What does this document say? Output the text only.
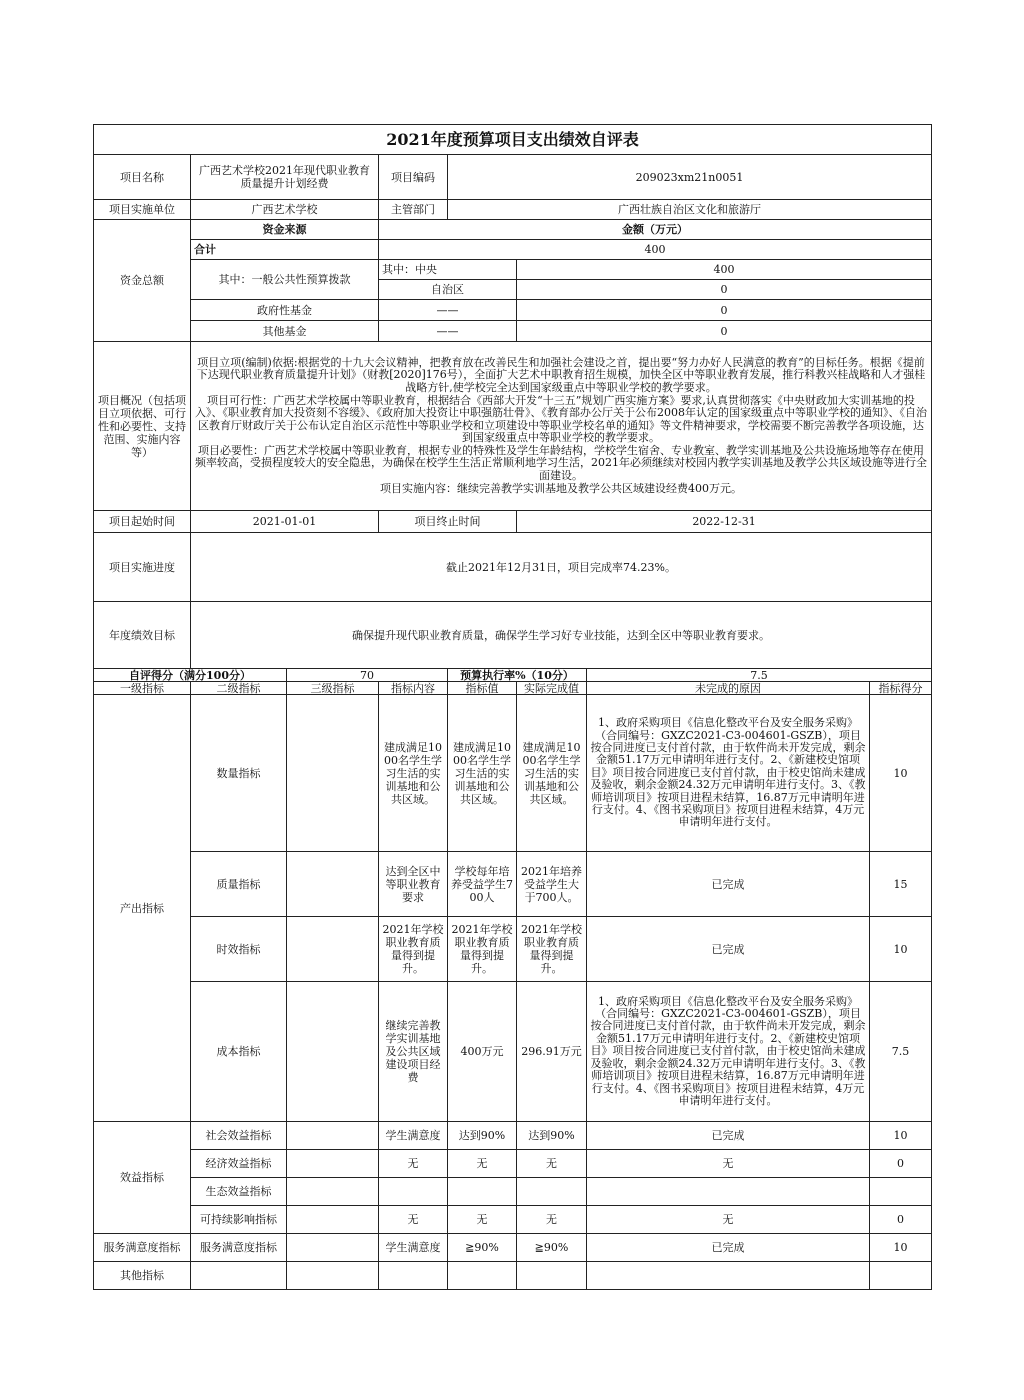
2021年度预算项目支出绩效自评表							
项目名称	广西艺术学校2021年现代职业教育质量提升计划经费		项目编码	209023xm21n0051			
项目实施单位	广西艺术学校		主管部门	广西壮族自治区文化和旅游厅			
资金总额	资金来源		金额（万元）				
	合计		400				
	其中：一般公共性预算拨款		其中：中央		400		
			自治区		0		
	政府性基金		——		0		
	其他基金		——		0		
项目概况（包括项目立项依据、可行性和必要性、支持范围、实施内容等）	项目立项(编制)依据:根据党的十九大会议精神，把教育放在改善民生和加强社会建设之首，提出要“努力办好人民满意的教育”的目标任务。根据《提前下达现代职业教育质量提升计划》（财教[2020]176号），全面扩大艺术中职教育招生规模，加快全区中等职业教育发展，推行科教兴桂战略和人才强桂战略方针,使学校完全达到国家级重点中等职业学校的教学要求。

项目可行性：广西艺术学校属中等职业教育，根据结合《西部大开发“十三五”规划广西实施方案》要求,认真贯彻落实《中央财政加大实训基地的投入》、《职业教育加大投资刻不容缓》、《政府加大投资让中职强筋壮骨》、《教育部办公厅关于公布2008年认定的国家级重点中等职业学校的通知》、《自治区教育厅财政厅关于公布认定自治区示范性中等职业学校和立项建设中等职业学校名单的通知》等文件精神要求，学校需要不断完善教学各项设施，达到国家级重点中等职业学校的教学要求。

项目必要性：广西艺术学校属中等职业教育，根据专业的特殊性及学生年龄结构，学校学生宿舍、专业教室、教学实训基地及公共设施场地等存在使用频率较高，受损程度较大的安全隐患，为确保在校学生生活正常顺利地学习生活，2021年必须继续对校园内教学实训基地及教学公共区域设施等进行全面建设。

项目实施内容：继续完善教学实训基地及教学公共区域建设经费400万元。						

项目起始时间	2021-01-01		项目终止时间		2022-12-31		
项目实施进度	截止2021年12月31日，项目完成率74.23%。						
年度绩效目标	确保提升现代职业教育质量，确保学生学习好专业技能，达到全区中等职业教育要求。						
自评得分（满分100分）		70		预算执行率%（10分）		7.5	
一级指标	二级指标	三级指标	指标内容	指标值	实际完成值	未完成的原因	指标得分
产出指标	数量指标		建成满足1000名学生学习生活的实训基地和公共区域。	建成满足1000名学生学习生活的实训基地和公共区域。	建成满足1000名学生学习生活的实训基地和公共区域。	1、政府采购项目《信息化整改平台及安全服务采购》（合同编号：GXZC2021-C3-004601-GSZB），项目按合同进度已支付首付款，由于软件尚未开发完成，剩余金额51.17万元申请明年进行支付。2、《新建校史馆项目》项目按合同进度已支付首付款，由于校史馆尚未建成及验收，剩余金额24.32万元申请明年进行支付。3、《教师培训项目》按项目进程未结算，16.87万元申请明年进行支付。4、《图书采购项目》按项目进程未结算，4万元申请明年进行支付。	10
	质量指标		达到全区中等职业教育要求	学校每年培养受益学生700人	2021年培养受益学生大于700人。	已完成	15
	时效指标		2021年学校职业教育质量得到提升。	2021年学校职业教育质量得到提升。	2021年学校职业教育质量得到提升。	已完成	10
	成本指标		继续完善教学实训基地及公共区域建设项目经费	400万元	296.91万元	1、政府采购项目《信息化整改平台及安全服务采购》（合同编号：GXZC2021-C3-004601-GSZB），项目按合同进度已支付首付款，由于软件尚未开发完成，剩余金额51.17万元申请明年进行支付。2、《新建校史馆项目》项目按合同进度已支付首付款，由于校史馆尚未建成及验收，剩余金额24.32万元申请明年进行支付。3、《教师培训项目》按项目进程未结算，16.87万元申请明年进行支付。4、《图书采购项目》按项目进程未结算，4万元申请明年进行支付。	7.5
效益指标	社会效益指标		学生满意度	达到90%	达到90%	已完成	10
	经济效益指标		无	无	无	无	0
	生态效益指标						
	可持续影响指标		无	无	无	无	0
服务满意度指标	服务满意度指标		学生满意度	≧90%	≧90%	已完成	10
其他指标							
